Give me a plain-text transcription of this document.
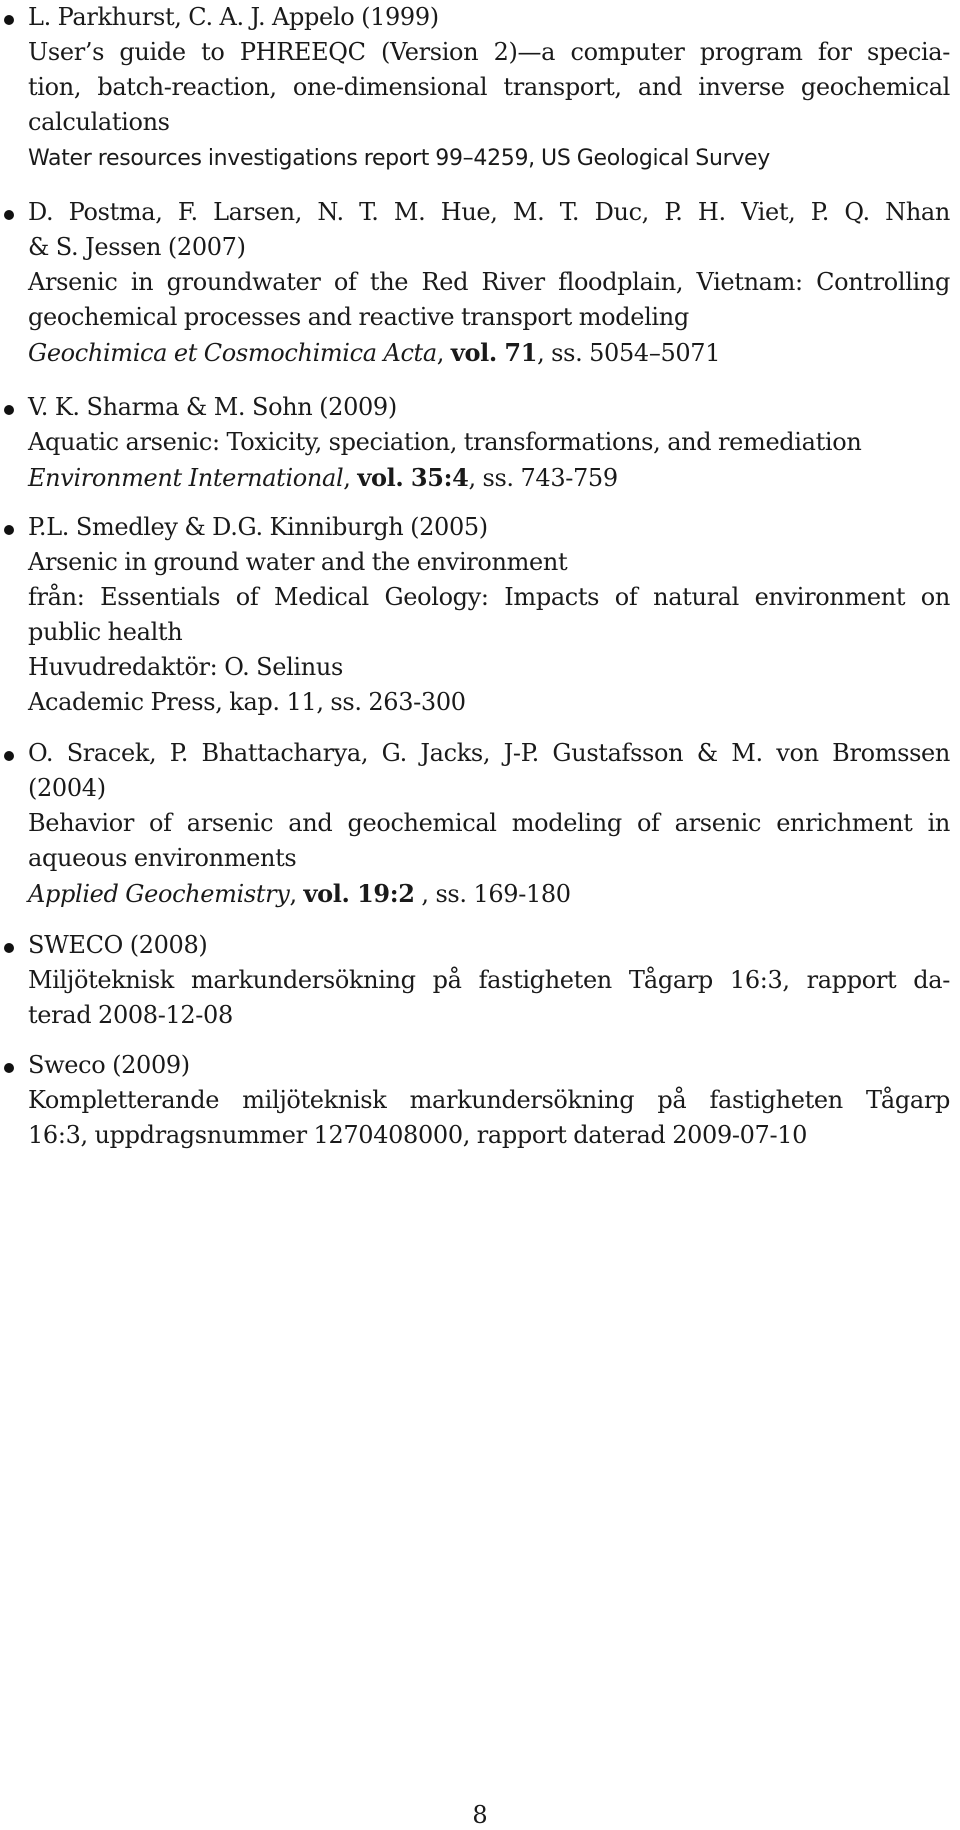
L. Parkhurst, C. A. J. Appelo (1999)
User’s guide to PHREEQC (Version 2)—a computer program for specia-
tion, batch-reaction, one-dimensional transport, and inverse geochemical
calculations
Water resources investigations report 99–4259, US Geological Survey
D. Postma, F. Larsen, N. T. M. Hue, M. T. Duc, P. H. Viet, P. Q. Nhan
& S. Jessen (2007)
Arsenic in groundwater of the Red River floodplain, Vietnam: Controlling
geochemical processes and reactive transport modeling
Geochimica et Cosmochimica Acta, vol. 71, ss. 5054–5071
V. K. Sharma & M. Sohn (2009)
Aquatic arsenic: Toxicity, speciation, transformations, and remediation
Environment International, vol. 35:4, ss. 743-759
P.L. Smedley & D.G. Kinniburgh (2005)
Arsenic in ground water and the environment
från: Essentials of Medical Geology: Impacts of natural environment on
public health
Huvudredaktör: O. Selinus
Academic Press, kap. 11, ss. 263-300
O. Sracek, P. Bhattacharya, G. Jacks, J-P. Gustafsson & M. von Bromssen
(2004)
Behavior of arsenic and geochemical modeling of arsenic enrichment in
aqueous environments
Applied Geochemistry, vol. 19:2 , ss. 169-180
SWECO (2008)
Miljöteknisk markundersökning på fastigheten Tågarp 16:3, rapport da-
terad 2008-12-08
Sweco (2009)
Kompletterande miljöteknisk markundersökning på fastigheten Tågarp
16:3, uppdragsnummer 1270408000, rapport daterad 2009-07-10
8
